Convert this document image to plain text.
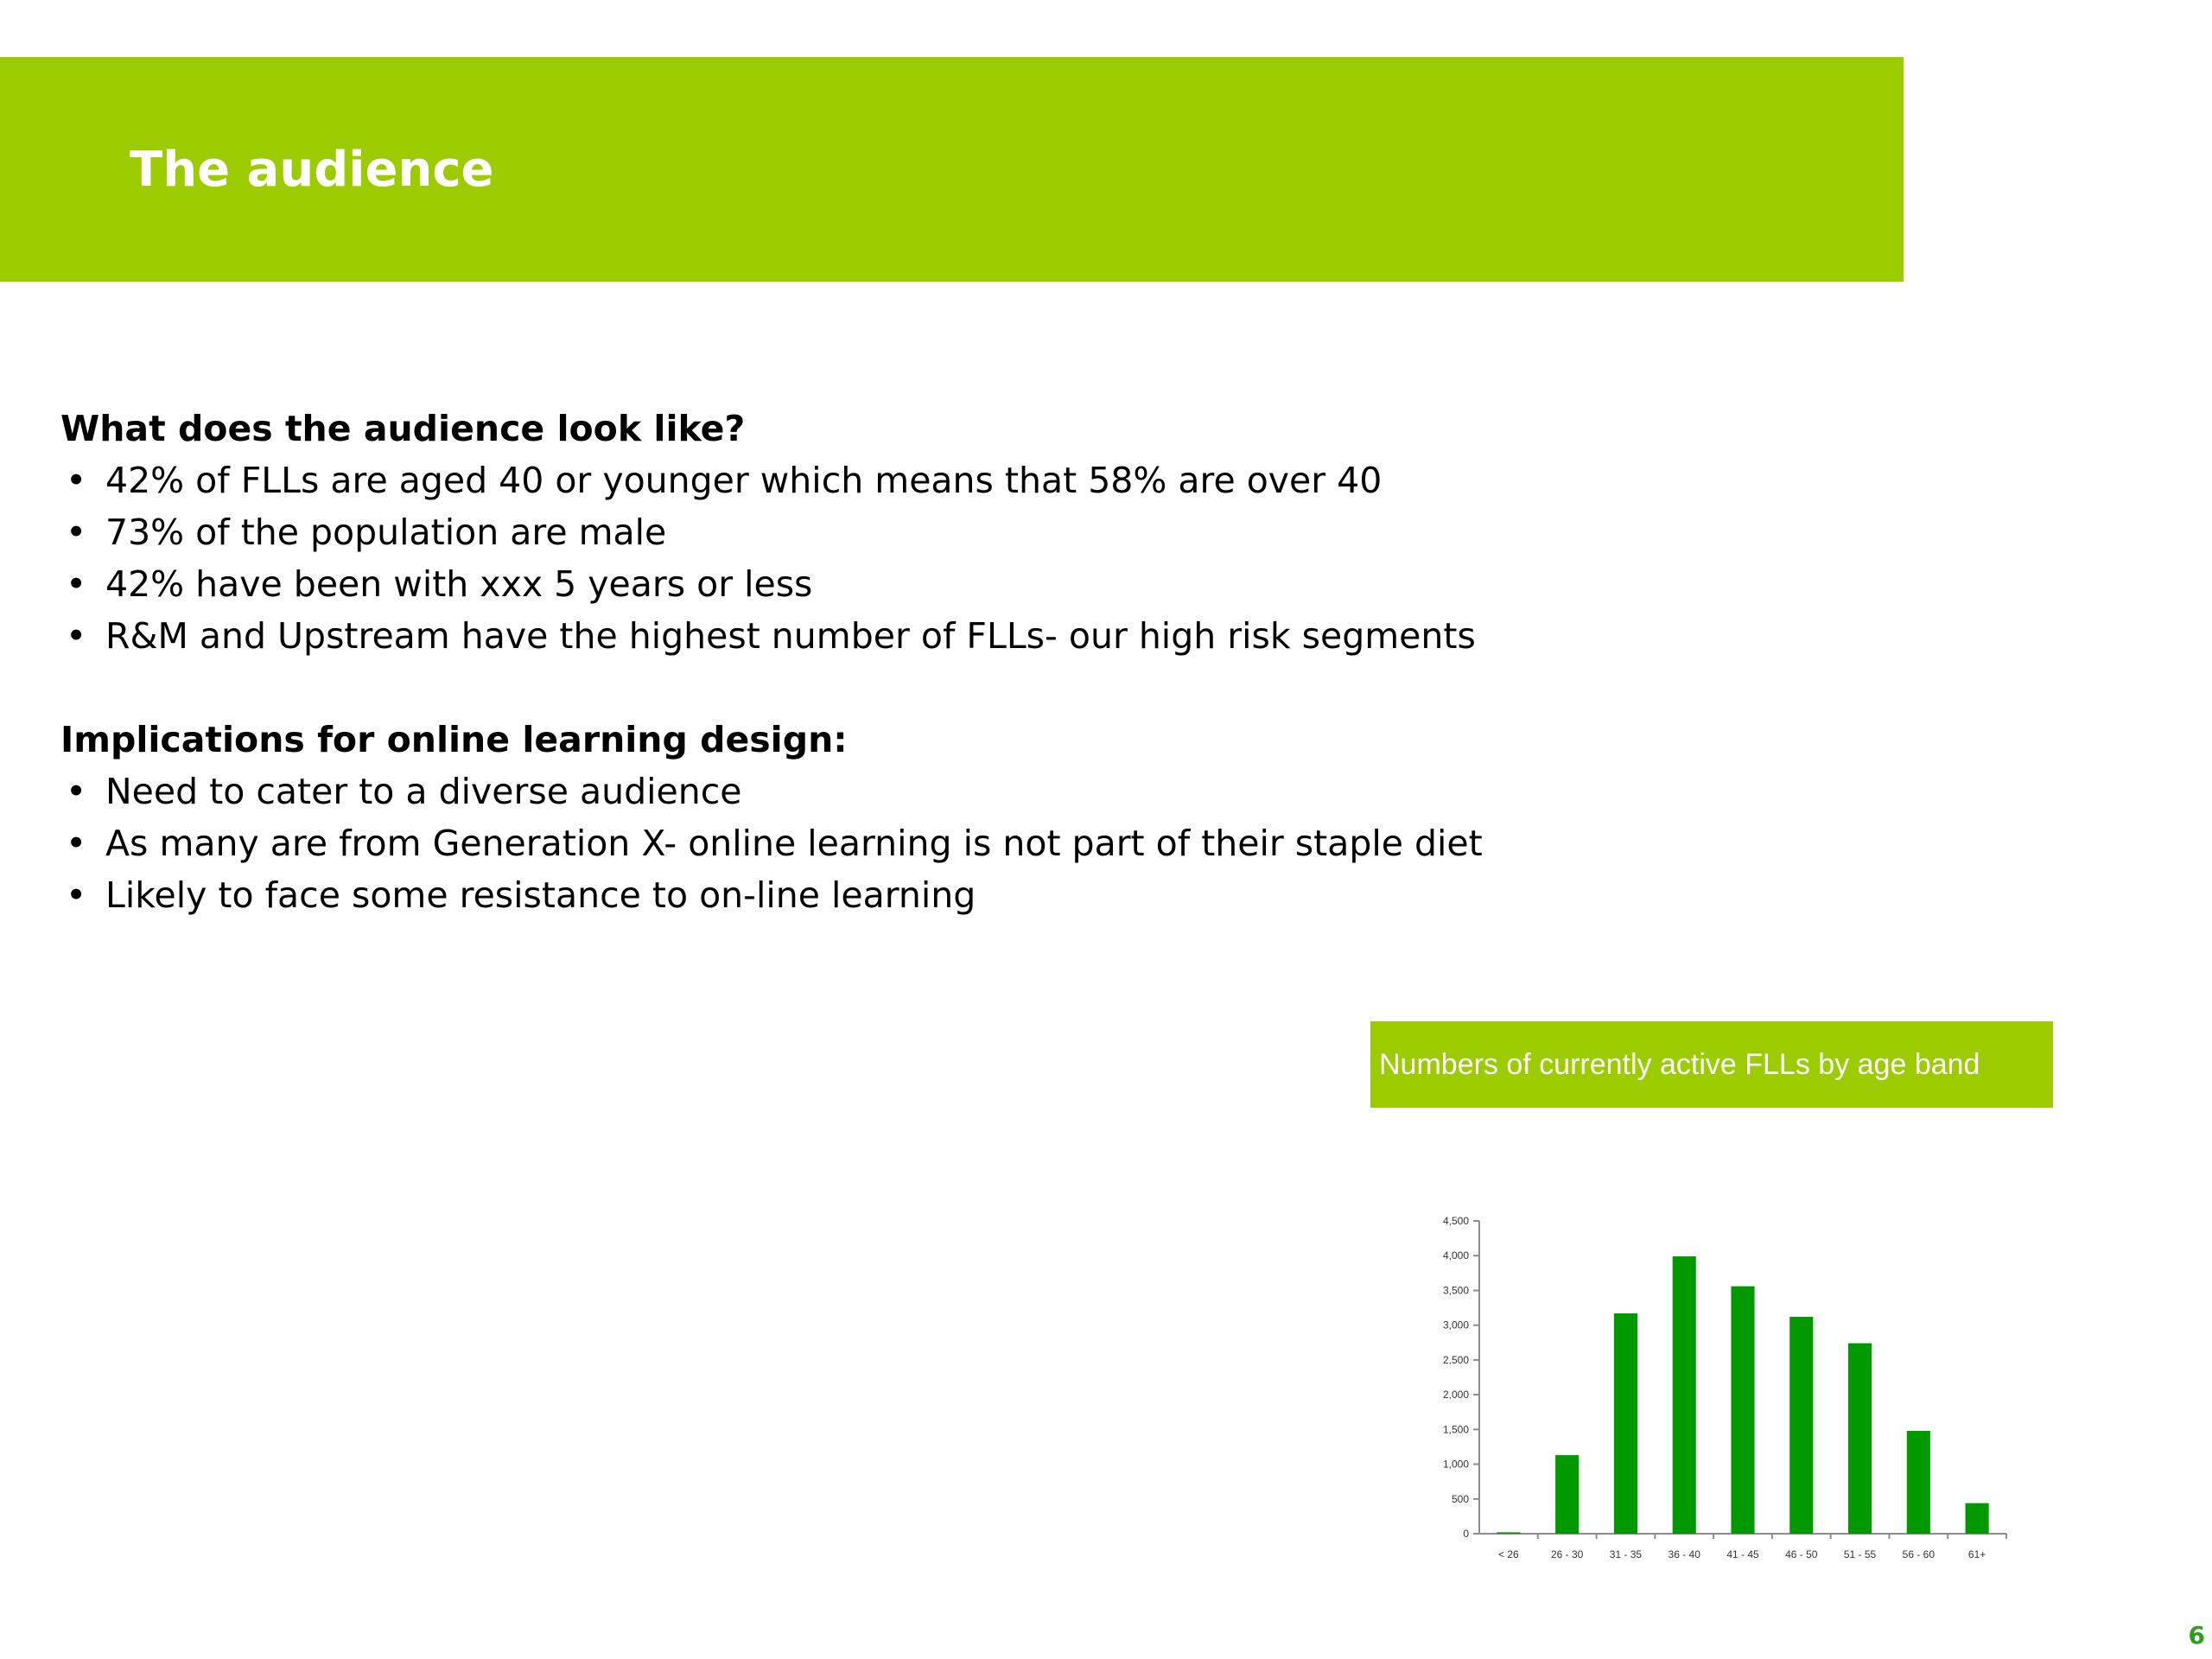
The audience

What does the audience look like?

• 42% of FLLs are aged 40 or younger which means that 58% are over 40
• 73% of the population are male
• 42% have been with xxx 5 years or less
• R&M and Upstream have the highest number of FLLs- our high risk segments

Implications for online learning design:

• Need to cater to a diverse audience
• As many are from Generation X- online learning is not part of their staple diet
• Likely to face some resistance to on-line learning
Numbers of currently active FLLs by age band
0
500
1,000
1,500
2,000
2,500
3,000
3,500
4,000
4,500
< 26	26 - 30	31 - 35	36 - 40	41 - 45	46 - 50	51 - 55	56 - 60	61+
6
